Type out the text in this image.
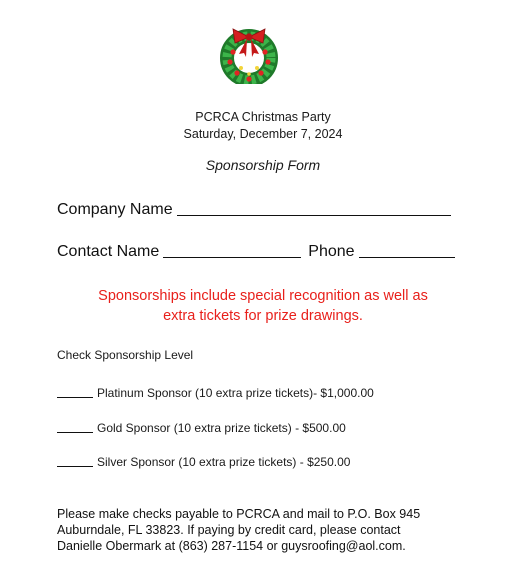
PCRCA Christmas Party
Saturday, December 7, 2024
Sponsorship Form
Company Name
Contact Name	Phone
Sponsorships include special recognition as well as
extra tickets for prize drawings.
Check Sponsorship Level
Platinum Sponsor (10 extra prize tickets)- $1,000.00
Gold Sponsor (10 extra prize tickets) - $500.00
Silver Sponsor (10 extra prize tickets) - $250.00
Please make checks payable to PCRCA and mail to P.O. Box 945
Auburndale, FL 33823. If paying by credit card, please contact
Danielle Obermark at (863) 287-1154 or guysroofing@aol.com.
